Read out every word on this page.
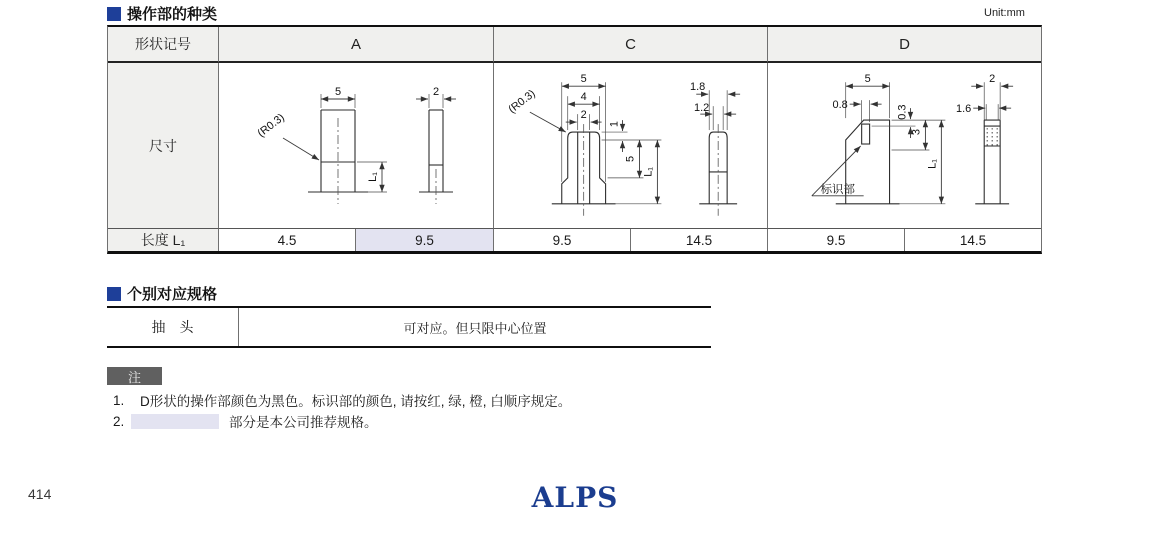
操作部的种类	Unit:mm
形状记号	A	C	D
尺寸
5
(R0.3)
L₁
2
5
4
2
(R0.3)
1
5
L₁
1.8
1.2
5
0.8
标识部
0.3
3
L₁
2
1.6
长度 L₁	4.5	9.5	9.5	14.5	9.5	14.5
个别对应规格
抽　头	可对应。但只限中心位置
注
1.	D形状的操作部颜色为黑色。标识部的颜色, 请按红, 绿, 橙, 白顺序规定。
2.	部分是本公司推荐规格。
414	ALPS
